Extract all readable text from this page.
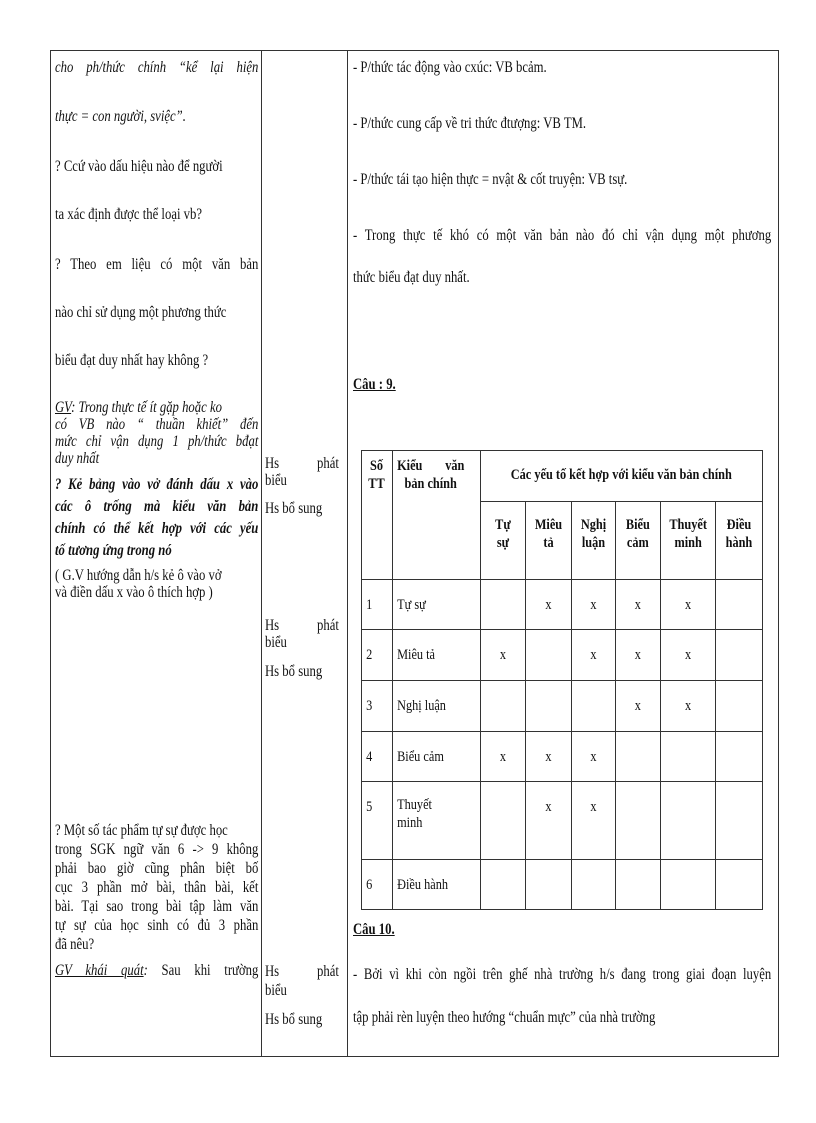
cho ph/thức chính “kể lại hiện
thực = con người, sviệc”.
? Ccứ vào dấu hiệu nào để người
ta xác định được thể loại vb?
? Theo em liệu có một văn bản
nào chỉ sử dụng một phương thức
biểu đạt duy nhất hay không ?
GV: Trong thực tế ít gặp hoặc ko
có VB nào “ thuần khiết” đến
mức chỉ vận dụng 1 ph/thức bđạt
duy nhất
? Kẻ bảng vào vở đánh dấu x vào
các ô trống mà kiểu văn bản
chính có thể kết hợp với các yếu
tố tương ứng trong nó
( G.V hướng dẫn h/s kẻ ô vào vở
và điền dấu x vào ô thích hợp )
? Một số tác phẩm tự sự được học
trong SGK ngữ văn 6 -> 9 không
phải bao giờ cũng phân biệt bố
cục 3 phần mở bài, thân bài, kết
bài. Tại sao trong bài tập làm văn
tự sự của học sinh có đủ 3 phần
đã nêu?
GV khái quát: Sau khi trường
Hs phát
biểu
Hs bổ sung
Hs phát
biểu
Hs bổ sung
Hs phát
biểu
Hs bổ sung
- P/thức tác động vào cxúc: VB bcảm.
- P/thức cung cấp về tri thức đtượng: VB TM.
- P/thức tái tạo hiện thực = nvật & cốt truyện: VB tsự.
- Trong thực tế khó có một văn bản nào đó chỉ vận dụng một phương
thức biểu đạt duy nhất.
Câu : 9.
Số
TT	Kiểu văn
bản chính	Các yếu tố kết hợp với kiểu văn bản chính					

		Tự
sự	Miêu
tả	Nghị
luận	Biểu
cảm	Thuyết
minh	Điều
hành

1	Tự sự		x	x	x	x	

2	Miêu tả	x		x	x	x	

3	Nghị luận				x	x	

4	Biểu cảm	x	x	x			

5	Thuyết
minh		x	x			

6	Điều hành						

Câu 10.
- Bởi vì khi còn ngồi trên ghế nhà trường h/s đang trong giai đoạn luyện
tập phải rèn luyện theo hướng “chuẩn mực” của nhà trường
